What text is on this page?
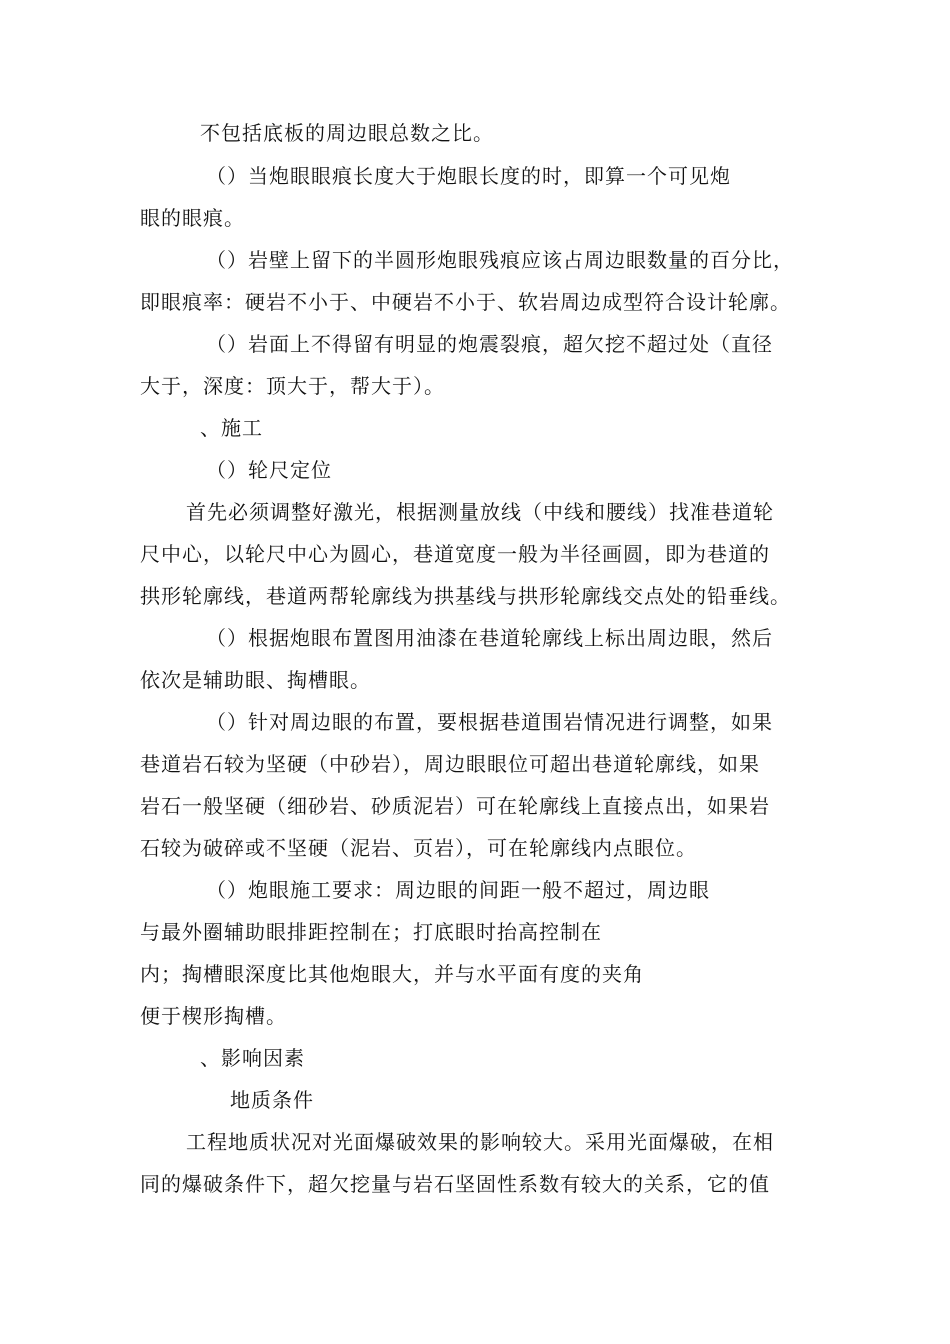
不包括底板的周边眼总数之比。
（）当炮眼眼痕长度大于炮眼长度的时，即算一个可见炮
眼的眼痕。
（）岩壁上留下的半圆形炮眼残痕应该占周边眼数量的百分比，
即眼痕率：硬岩不小于、中硬岩不小于、软岩周边成型符合设计轮廓。
（）岩面上不得留有明显的炮震裂痕，超欠挖不超过处（直径
大于，深度：顶大于，帮大于）。
、施工
（）轮尺定位
首先必须调整好激光，根据测量放线（中线和腰线）找准巷道轮
尺中心，以轮尺中心为圆心，巷道宽度一般为半径画圆，即为巷道的
拱形轮廓线，巷道两帮轮廓线为拱基线与拱形轮廓线交点处的铅垂线。
（）根据炮眼布置图用油漆在巷道轮廓线上标出周边眼，然后
依次是辅助眼、掏槽眼。
（）针对周边眼的布置，要根据巷道围岩情况进行调整，如果
巷道岩石较为坚硬（中砂岩），周边眼眼位可超出巷道轮廓线，如果
岩石一般坚硬（细砂岩、砂质泥岩）可在轮廓线上直接点出，如果岩
石较为破碎或不坚硬（泥岩、页岩），可在轮廓线内点眼位。
（）炮眼施工要求：周边眼的间距一般不超过，周边眼
与最外圈辅助眼排距控制在；打底眼时抬高控制在
内；掏槽眼深度比其他炮眼大，并与水平面有度的夹角
便于楔形掏槽。
、影响因素
地质条件
工程地质状况对光面爆破效果的影响较大。采用光面爆破，在相
同的爆破条件下，超欠挖量与岩石坚固性系数有较大的关系，它的值
